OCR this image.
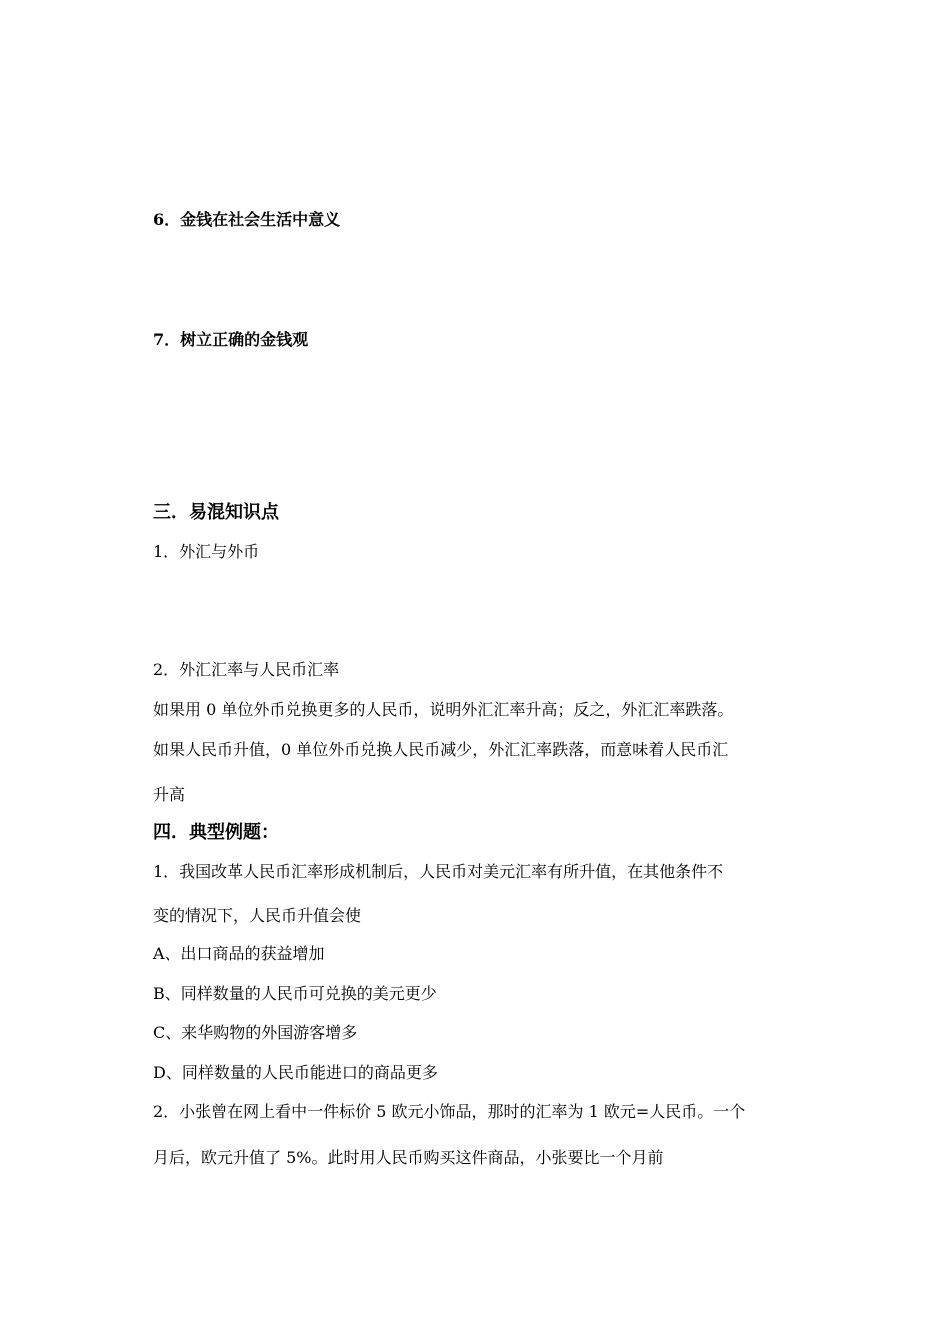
6．金钱在社会生活中意义
7．树立正确的金钱观
三．易混知识点
1．外汇与外币
2．外汇汇率与人民币汇率
如果用 0 单位外币兑换更多的人民币，说明外汇汇率升高；反之，外汇汇率跌落。
如果人民币升值，0 单位外币兑换人民币减少，外汇汇率跌落，而意味着人民币汇
升高
四．典型例题：
1．我国改革人民币汇率形成机制后，人民币对美元汇率有所升值，在其他条件不
变的情况下，人民币升值会使
A、出口商品的获益增加
B、同样数量的人民币可兑换的美元更少
C、来华购物的外国游客增多
D、同样数量的人民币能进口的商品更多
2．小张曾在网上看中一件标价 5 欧元小饰品，那时的汇率为 1 欧元=人民币。一个
月后，欧元升值了 5%。此时用人民币购买这件商品，小张要比一个月前
